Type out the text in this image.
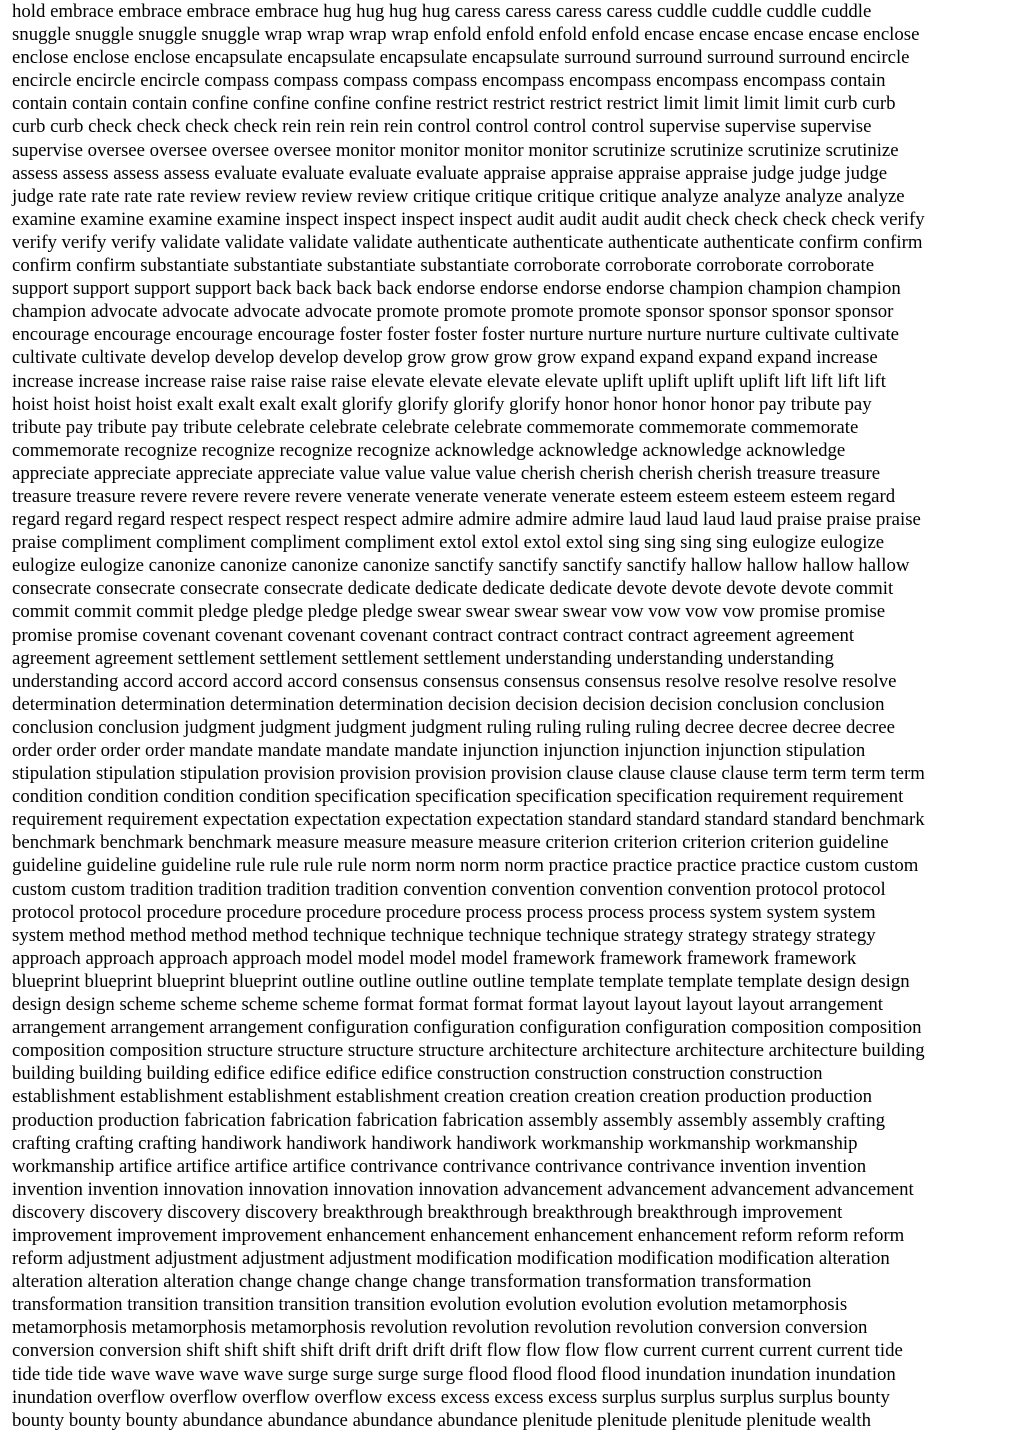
hold embrace embrace embrace embrace hug hug hug hug caress caress caress caress cuddle cuddle cuddle cuddle
snuggle snuggle snuggle snuggle wrap wrap wrap wrap enfold enfold enfold enfold encase encase encase encase enclose
enclose enclose enclose encapsulate encapsulate encapsulate encapsulate surround surround surround surround encircle
encircle encircle encircle compass compass compass compass encompass encompass encompass encompass contain
contain contain contain confine confine confine confine restrict restrict restrict restrict limit limit limit limit curb curb
curb curb check check check check rein rein rein rein control control control control supervise supervise supervise
supervise oversee oversee oversee oversee monitor monitor monitor monitor scrutinize scrutinize scrutinize scrutinize
assess assess assess assess evaluate evaluate evaluate evaluate appraise appraise appraise appraise judge judge judge
judge rate rate rate rate review review review review critique critique critique critique analyze analyze analyze analyze
examine examine examine examine inspect inspect inspect inspect audit audit audit audit check check check check verify
verify verify verify validate validate validate validate authenticate authenticate authenticate authenticate confirm confirm
confirm confirm substantiate substantiate substantiate substantiate corroborate corroborate corroborate corroborate
support support support support back back back back endorse endorse endorse endorse champion champion champion
champion advocate advocate advocate advocate promote promote promote promote sponsor sponsor sponsor sponsor
encourage encourage encourage encourage foster foster foster foster nurture nurture nurture nurture cultivate cultivate
cultivate cultivate develop develop develop develop grow grow grow grow expand expand expand expand increase
increase increase increase raise raise raise raise elevate elevate elevate elevate uplift uplift uplift uplift lift lift lift lift
hoist hoist hoist hoist exalt exalt exalt exalt glorify glorify glorify glorify honor honor honor honor pay tribute pay
tribute pay tribute pay tribute celebrate celebrate celebrate celebrate commemorate commemorate commemorate
commemorate recognize recognize recognize recognize acknowledge acknowledge acknowledge acknowledge
appreciate appreciate appreciate appreciate value value value value cherish cherish cherish cherish treasure treasure
treasure treasure revere revere revere revere venerate venerate venerate venerate esteem esteem esteem esteem regard
regard regard regard respect respect respect respect admire admire admire admire laud laud laud laud praise praise praise
praise compliment compliment compliment compliment extol extol extol extol sing sing sing sing eulogize eulogize
eulogize eulogize canonize canonize canonize canonize sanctify sanctify sanctify sanctify hallow hallow hallow hallow
consecrate consecrate consecrate consecrate dedicate dedicate dedicate dedicate devote devote devote devote commit
commit commit commit pledge pledge pledge pledge swear swear swear swear vow vow vow vow promise promise
promise promise covenant covenant covenant covenant contract contract contract contract agreement agreement
agreement agreement settlement settlement settlement settlement understanding understanding understanding
understanding accord accord accord accord consensus consensus consensus consensus resolve resolve resolve resolve
determination determination determination determination decision decision decision decision conclusion conclusion
conclusion conclusion judgment judgment judgment judgment ruling ruling ruling ruling decree decree decree decree
order order order order mandate mandate mandate mandate injunction injunction injunction injunction stipulation
stipulation stipulation stipulation provision provision provision provision clause clause clause clause term term term term
condition condition condition condition specification specification specification specification requirement requirement
requirement requirement expectation expectation expectation expectation standard standard standard standard benchmark
benchmark benchmark benchmark measure measure measure measure criterion criterion criterion criterion guideline
guideline guideline guideline rule rule rule rule norm norm norm norm practice practice practice practice custom custom
custom custom tradition tradition tradition tradition convention convention convention convention protocol protocol
protocol protocol procedure procedure procedure procedure process process process process system system system
system method method method method technique technique technique technique strategy strategy strategy strategy
approach approach approach approach model model model model framework framework framework framework
blueprint blueprint blueprint blueprint outline outline outline outline template template template template design design
design design scheme scheme scheme scheme format format format format layout layout layout layout arrangement
arrangement arrangement arrangement configuration configuration configuration configuration composition composition
composition composition structure structure structure structure architecture architecture architecture architecture building
building building building edifice edifice edifice edifice construction construction construction construction
establishment establishment establishment establishment creation creation creation creation production production
production production fabrication fabrication fabrication fabrication assembly assembly assembly assembly crafting
crafting crafting crafting handiwork handiwork handiwork handiwork workmanship workmanship workmanship
workmanship artifice artifice artifice artifice contrivance contrivance contrivance contrivance invention invention
invention invention innovation innovation innovation innovation advancement advancement advancement advancement
discovery discovery discovery discovery breakthrough breakthrough breakthrough breakthrough improvement
improvement improvement improvement enhancement enhancement enhancement enhancement reform reform reform
reform adjustment adjustment adjustment adjustment modification modification modification modification alteration
alteration alteration alteration change change change change transformation transformation transformation
transformation transition transition transition transition evolution evolution evolution evolution metamorphosis
metamorphosis metamorphosis metamorphosis revolution revolution revolution revolution conversion conversion
conversion conversion shift shift shift shift drift drift drift drift flow flow flow flow current current current current tide
tide tide tide wave wave wave wave surge surge surge surge flood flood flood flood inundation inundation inundation
inundation overflow overflow overflow overflow excess excess excess excess surplus surplus surplus surplus bounty
bounty bounty bounty abundance abundance abundance abundance plenitude plenitude plenitude plenitude wealth
